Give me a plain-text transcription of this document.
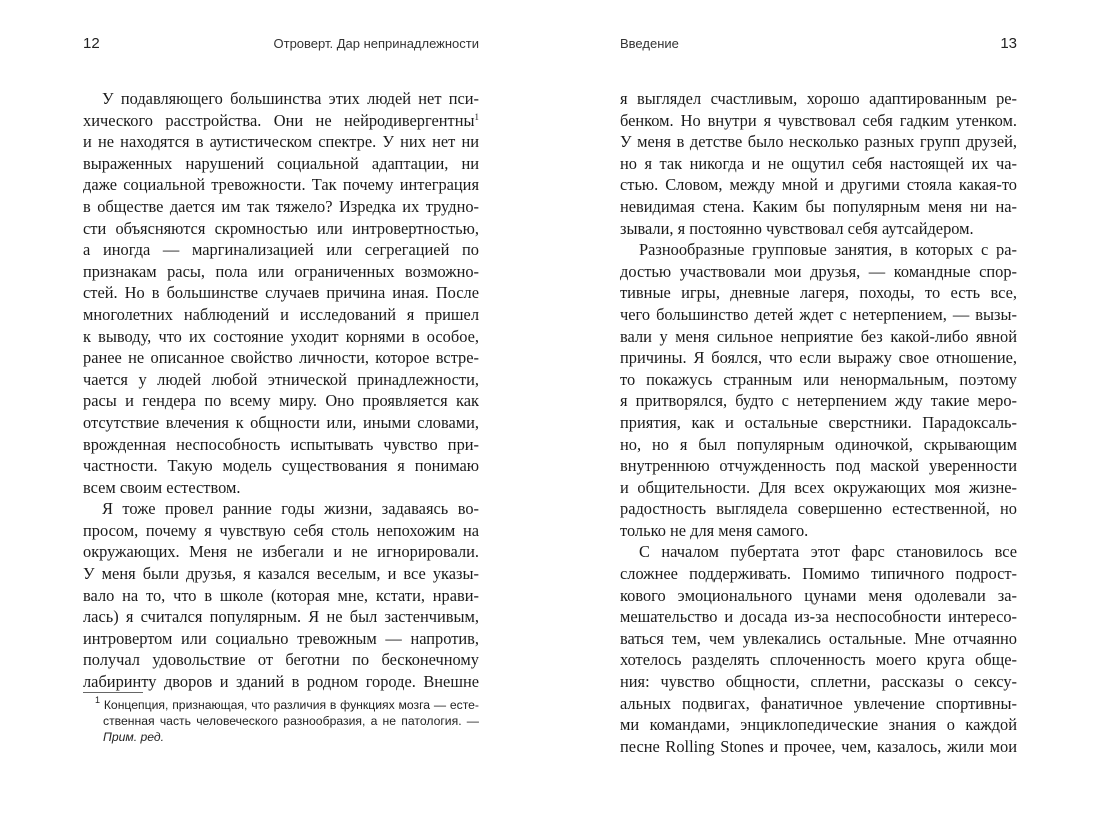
12	Отроверт. Дар непринадлежности
У подавляющего большинства этих людей нет пси-
хического расстройства. Они не нейродивергентны$^1$
и не находятся в аутистическом спектре. У них нет ни
выраженных нарушений социальной адаптации, ни
даже социальной тревожности. Так почему интеграция
в обществе дается им так тяжело? Изредка их трудно-
сти объясняются скромностью или интровертностью,
а иногда — маргинализацией или сегрегацией по
признакам расы, пола или ограниченных возможно-
стей. Но в большинстве случаев причина иная. После
многолетних наблюдений и исследований я пришел
к выводу, что их состояние уходит корнями в особое,
ранее не описанное свойство личности, которое встре-
чается у людей любой этнической принадлежности,
расы и гендера по всему миру. Оно проявляется как
отсутствие влечения к общности или, иными словами,
врожденная неспособность испытывать чувство при-
частности. Такую модель существования я понимаю
всем своим естеством.
Я тоже провел ранние годы жизни, задаваясь во-
просом, почему я чувствую себя столь непохожим на
окружающих. Меня не избегали и не игнорировали.
У меня были друзья, я казался веселым, и все указы-
вало на то, что в школе (которая мне, кстати, нрави-
лась) я считался популярным. Я не был застенчивым,
интровертом или социально тревожным — напротив,
получал удовольствие от беготни по бесконечному
лабиринту дворов и зданий в родном городе. Внешне
$^1$ Концепция, признающая, что различия в функциях мозга — есте-
ственная часть человеческого разнообразия, а не патология. —
Прим. ред.
Введение	13
я выглядел счастливым, хорошо адаптированным ре-
бенком. Но внутри я чувствовал себя гадким утенком.
У меня в детстве было несколько разных групп друзей,
но я так никогда и не ощутил себя настоящей их ча-
стью. Словом, между мной и другими стояла какая-то
невидимая стена. Каким бы популярным меня ни на-
зывали, я постоянно чувствовал себя аутсайдером.
Разнообразные групповые занятия, в которых с ра-
достью участвовали мои друзья, — командные спор-
тивные игры, дневные лагеря, походы, то есть все,
чего большинство детей ждет с нетерпением, — вызы-
вали у меня сильное неприятие без какой-либо явной
причины. Я боялся, что если выражу свое отношение,
то покажусь странным или ненормальным, поэтому
я притворялся, будто с нетерпением жду такие меро-
приятия, как и остальные сверстники. Парадоксаль-
но, но я был популярным одиночкой, скрывающим
внутреннюю отчужденность под маской уверенности
и общительности. Для всех окружающих моя жизне-
радостность выглядела совершенно естественной, но
только не для меня самого.
С началом пубертата этот фарс становилось все
сложнее поддерживать. Помимо типичного подрост-
кового эмоционального цунами меня одолевали за-
мешательство и досада из-за неспособности интересо-
ваться тем, чем увлекались остальные. Мне отчаянно
хотелось разделять сплоченность моего круга обще-
ния: чувство общности, сплетни, рассказы о сексу-
альных подвигах, фанатичное увлечение спортивны-
ми командами, энциклопедические знания о каждой
песне Rolling Stones и прочее, чем, казалось, жили мои
